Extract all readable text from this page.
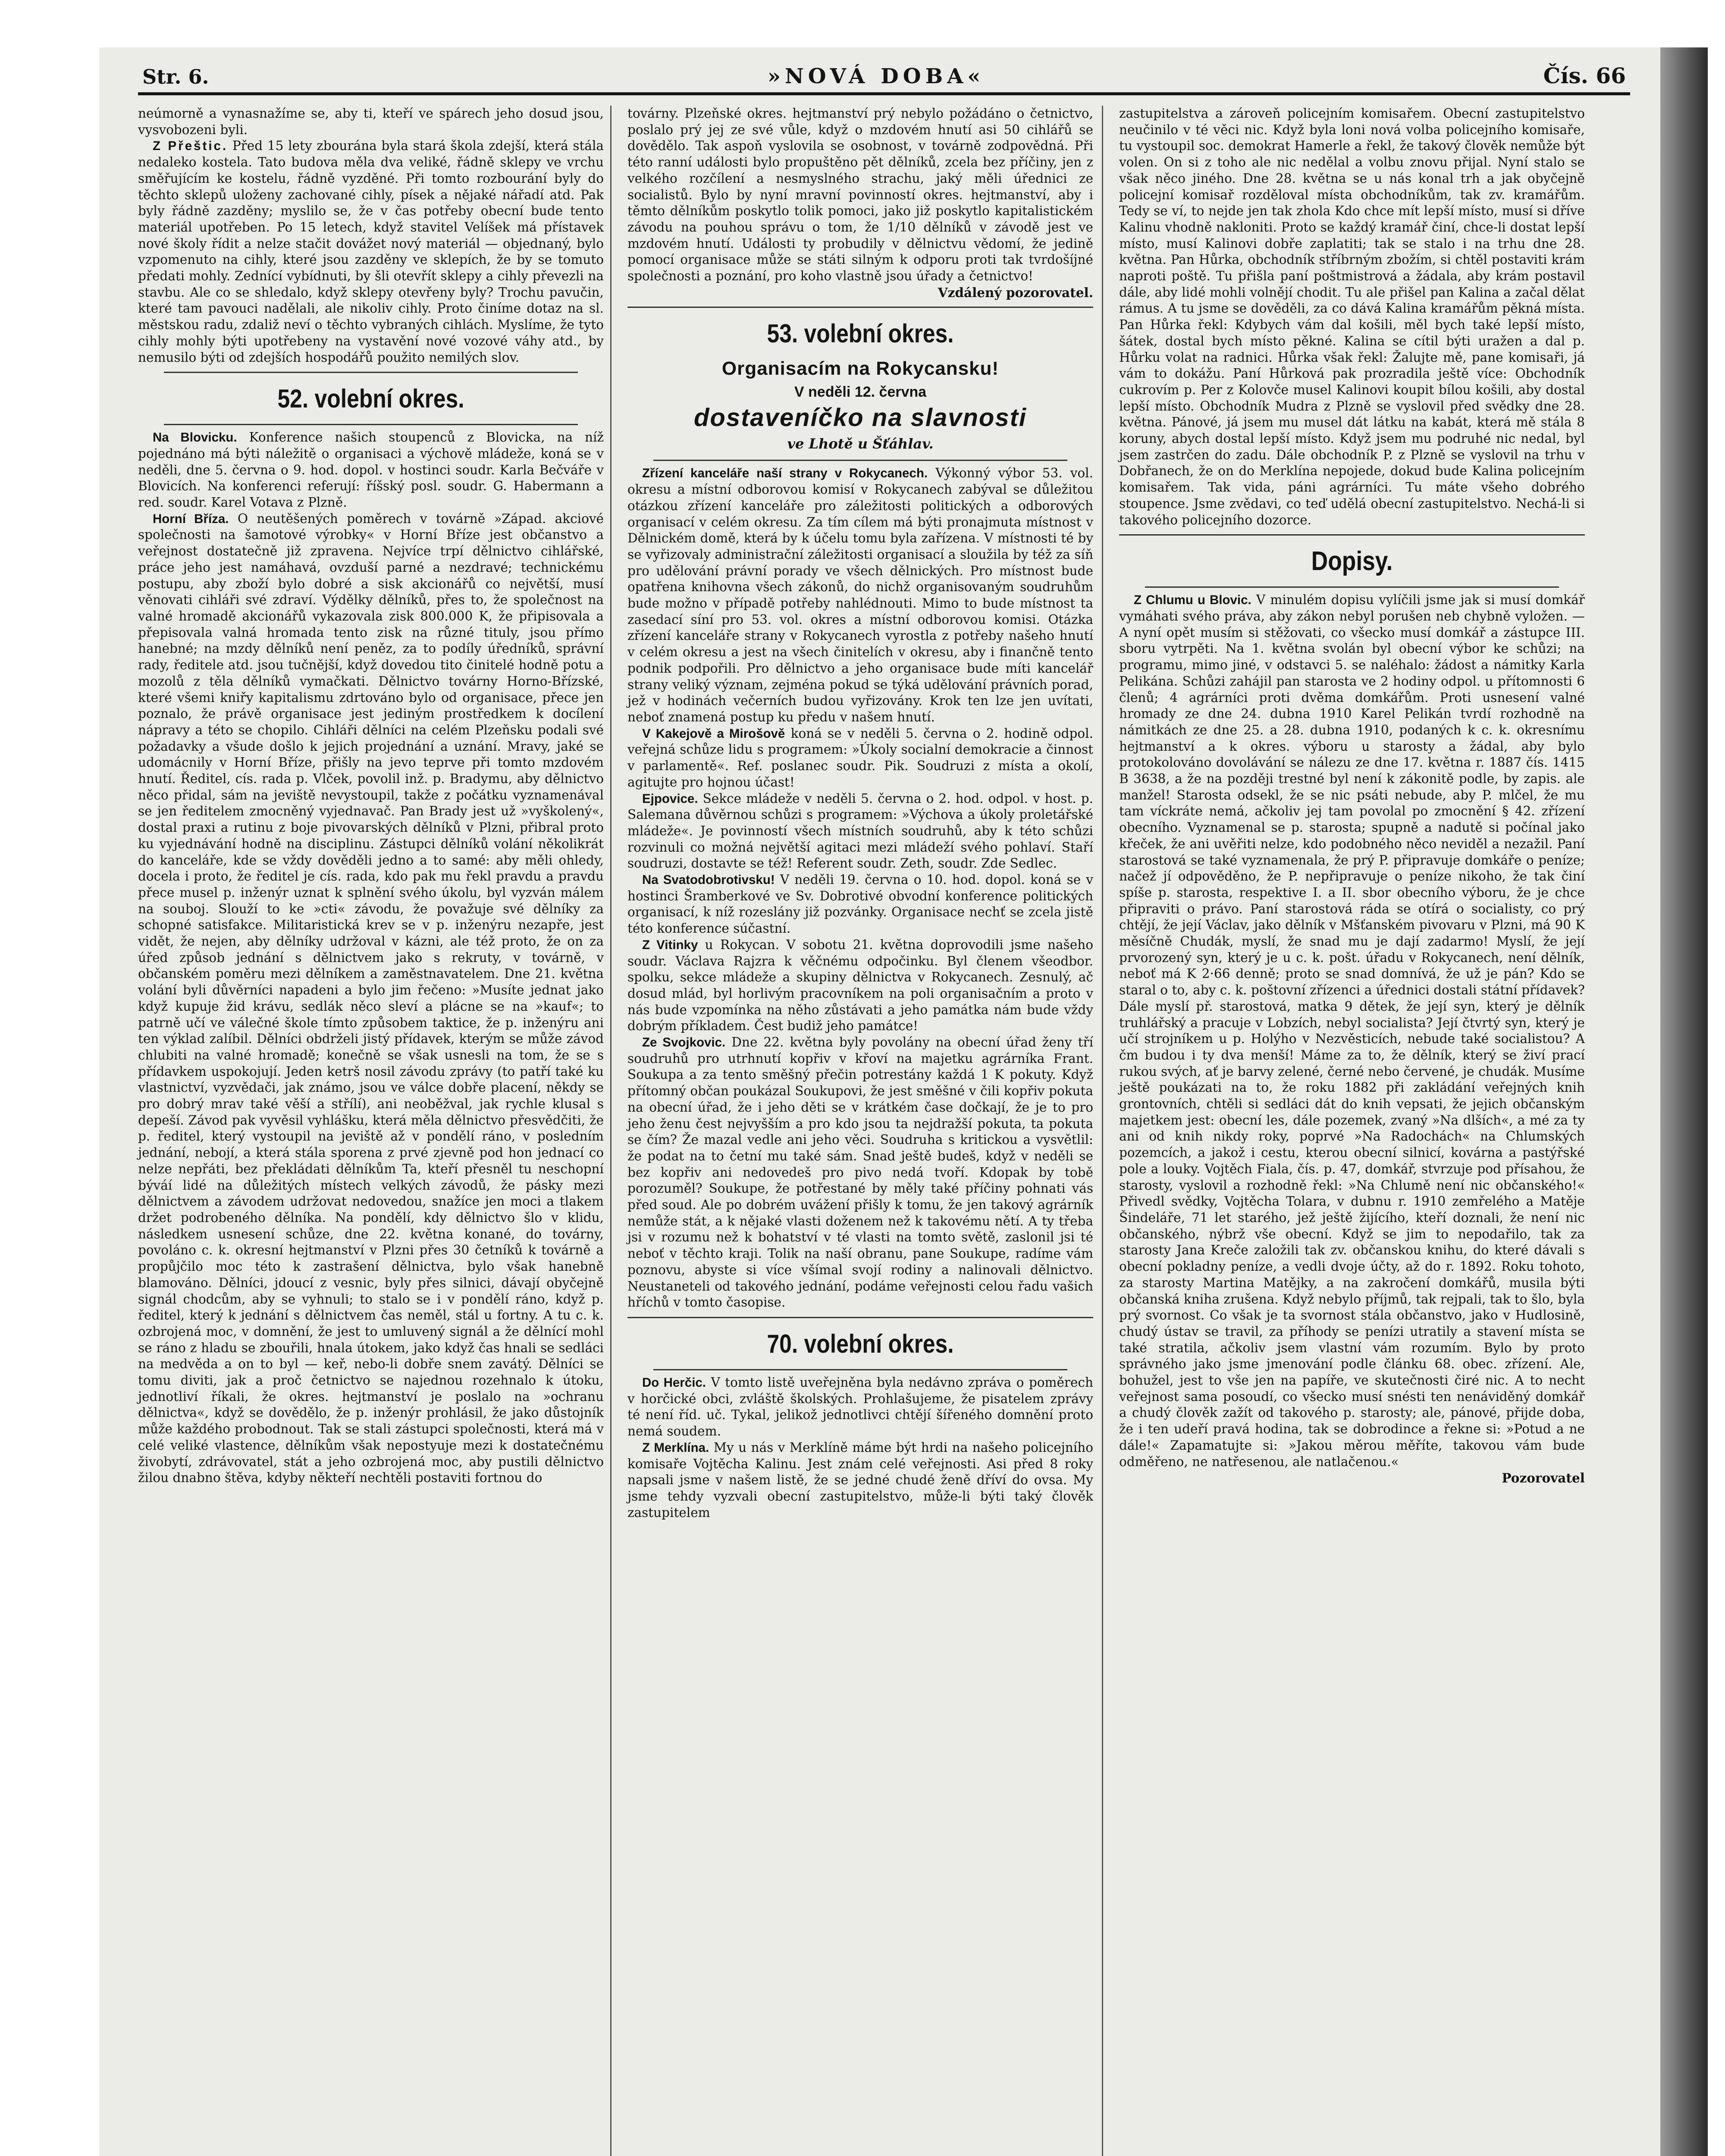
Str. 6.	»NOVÁ DOBA«	Čís. 66

neúmorně a vynasnažíme se, aby ti, kteří ve spárech jeho dosud jsou, vysvobozeni byli.

Z Přeštic. Před 15 lety zbourána byla stará škola zdejší, která stála nedaleko kostela. Tato budova měla dva veliké, řádně sklepy ve vrchu směřujícím ke kostelu, řádně vyzděné. Při tomto rozbourání byly do těchto sklepů uloženy zachované cihly, písek a nějaké nářadí atd. Pak byly řádně zazděny; myslilo se, že v čas potřeby obecní bude tento materiál upotřeben. Po 15 letech, když stavitel Velíšek má přístavek nové školy řídit a nelze stačit dovážet nový materiál — objednaný, bylo vzpomenuto na cihly, které jsou zazděny ve sklepích, že by se tomuto předati mohly. Zednící vybídnuti, by šli otevřít sklepy a cihly převezli na stavbu. Ale co se shledalo, když sklepy otevřeny byly? Trochu pavučin, které tam pavouci nadělali, ale nikoliv cihly. Proto činíme dotaz na sl. městskou radu, zdaliž neví o těchto vybraných cihlách. Myslíme, že tyto cihly mohly býti upotřebeny na vystavění nové vozové váhy atd., by nemusilo býti od zdejších hospodářů použito nemilých slov.

52. volební okres.

Na Blovicku. Konference našich stoupenců z Blovicka, na níž pojednáno má býti náležitě o organisaci a výchově mládeže, koná se v neděli, dne 5. června o 9. hod. dopol. v hostinci soudr. Karla Bečváře v Blovicích. Na konferenci referují: říšský posl. soudr. G. Habermann a red. soudr. Karel Votava z Plzně.

Horní Bříza. O neutěšených poměrech v továrně »Západ. akciové společnosti na šamotové výrobky« v Horní Bříze jest občanstvo a veřejnost dostatečně již zpravena. Nejvíce trpí dělnictvo cihlářské, práce jeho jest namáhavá, ovzduší parné a nezdravé; technickému postupu, aby zboží bylo dobré a sisk akcionářů co největší, musí věnovati cihláři své zdraví. Výdělky dělníků, přes to, že společnost na valné hromadě akcionářů vykazovala zisk 800.000 K, že připisovala a přepisovala valná hromada tento zisk na různé tituly, jsou přímo hanebné; na mzdy dělníků není peněz, za to podíly úředníků, správní rady, ředitele atd. jsou tučnější, když dovedou tito činitelé hodně potu a mozolů z těla dělníků vymačkati. Dělnictvo továrny Horno-Břízské, které všemi kniřy kapitalismu zdrtováno bylo od organisace, přece jen poznalo, že právě organisace jest jediným prostředkem k docílení nápravy a této se chopilo. Cihláři dělníci na celém Plzeňsku podali své požadavky a všude došlo k jejich projednání a uznání. Mravy, jaké se udomácnily v Horní Bříze, přišly na jevo teprve při tomto mzdovém hnutí. Ředitel, cís. rada p. Vlček, povolil inž. p. Bradymu, aby dělnictvo něco přidal, sám na jeviště nevystoupil, takže z počátku vyznamenával se jen ředitelem zmocněný vyjednavač. Pan Brady jest už »vyškolený«, dostal praxi a rutinu z boje pivovarských dělníků v Plzni, přibral proto ku vyjednávání hodně na disciplinu. Zástupci dělníků volání několikrát do kanceláře, kde se vždy dověděli jedno a to samé: aby měli ohledy, docela i proto, že ředitel je cís. rada, kdo pak mu řekl pravdu a pravdu přece musel p. inženýr uznat k splnění svého úkolu, byl vyzván málem na souboj. Slouží to ke »cti« závodu, že považuje své dělníky za schopné satisfakce. Militaristická krev se v p. inženýru nezapře, jest vidět, že nejen, aby dělníky udržoval v kázni, ale též proto, že on za úřed způsob jednání s dělnictvem jako s rekruty, v továrně, v občanském poměru mezi dělníkem a zaměstnavatelem. Dne 21. května volání byli důvěrníci napadeni a bylo jim řečeno: »Musíte jednat jako když kupuje žid krávu, sedlák něco sleví a plácne se na »kauf«; to patrně učí ve válečné škole tímto způsobem taktice, že p. inženýru ani ten výklad zalíbil. Dělníci obdrželi jistý přídavek, kterým se může závod chlubiti na valné hromadě; konečně se však usnesli na tom, že se s přídavkem uspokojují. Jeden ketrš nosil závodu zprávy (to patří také ku vlastnictví, vyzvědači, jak známo, jsou ve válce dobře placení, někdy se pro dobrý mrav také věší a střílí), ani neoběžval, jak rychle klusal s depeší. Závod pak vyvěsil vyhlášku, která měla dělnictvo přesvědčiti, že p. ředitel, který vystoupil na jeviště až v pondělí ráno, v posledním jednání, nebojí, a která stála sporena z prvé zjevně pod hon jednací co nelze nepřáti, bez překládati dělníkům Ta, kteří přesněl tu neschopní býváí lidé na důležitých místech velkých závodů, že pásky mezi dělnictvem a závodem udržovat nedovedou, snažíce jen moci a tlakem držet podrobeného dělníka. Na pondělí, kdy dělnictvo šlo v klidu, následkem usnesení schůze, dne 22. května konané, do továrny, povoláno c. k. okresní hejtmanství v Plzni přes 30 četníků k továrně a propůjčilo moc této k zastrašení dělnictva, bylo však hanebně blamováno. Dělníci, jdoucí z vesnic, byly přes silnici, dávají obyčejně signál chodcům, aby se vyhnuli; to stalo se i v pondělí ráno, když p. ředitel, který k jednání s dělnictvem čas neměl, stál u fortny. A tu c. k. ozbrojená moc, v domnění, že jest to umluvený signál a že dělnící mohl se ráno z hladu se zbouřili, hnala útokem, jako když čas hnali se sedláci na medvěda a on to byl — keř, nebo-li dobře snem zavátý. Dělníci se tomu diviti, jak a proč četnictvo se najednou rozehnalo k útoku, jednotliví říkali, že okres. hejtmanství je poslalo na »ochranu dělnictva«, když se dovědělo, že p. inženýr prohlásil, že jako důstojník může každého probodnout. Tak se stali zástupci společnosti, která má v celé veliké vlastence, dělníkům však nepostyuje mezi k dostatečnému živobytí, zdrávovatel, stát a jeho ozbrojená moc, aby pustili dělnictvo žilou dnabno štěva, kdyby někteří nechtěli postaviti fortnou do

továrny. Plzeňské okres. hejtmanství prý nebylo požádáno o četnictvo, poslalo prý jej ze své vůle, když o mzdovém hnutí asi 50 cihlářů se dovědělo. Tak aspoň vyslovila se osobnost, v továrně zodpovědná. Při této ranní události bylo propuštěno pět dělníků, zcela bez příčiny, jen z velkého rozčílení a nesmyslného strachu, jaký měli úřednici ze socialistů. Bylo by nyní mravní povinností okres. hejtmanství, aby i těmto dělníkům poskytlo tolik pomoci, jako již poskytlo kapitalistickém závodu na pouhou správu o tom, že 1/10 dělníků v závodě jest ve mzdovém hnutí. Události ty probudily v dělnictvu vědomí, že jedině pomocí organisace může se státi silným k odporu proti tak tvrdošíjné společnosti a poznání, pro koho vlastně jsou úřady a četnictvo!

Vzdálený pozorovatel.

53. volební okres.
Organisacím na Rokycansku!
V neděli 12. června
dostaveníčko na slavnosti
ve Lhotě u Šťáhlav.

Zřízení kanceláře naší strany v Rokycanech. Výkonný výbor 53. vol. okresu a místní odborovou komisí v Rokycanech zabýval se důležitou otázkou zřízení kanceláře pro záležitosti politických a odborových organisací v celém okresu. Za tím cílem má býti pronajmuta místnost v Dělnickém domě, která by k účelu tomu byla zařízena. V místnosti té by se vyřizovaly administrační záležitosti organisací a sloužila by též za síň pro udělování právní porady ve všech dělnických. Pro místnost bude opatřena knihovna všech zákonů, do nichž organisovaným soudruhům bude možno v případě potřeby nahlédnouti. Mimo to bude místnost ta zasedací síní pro 53. vol. okres a místní odborovou komisi. Otázka zřízení kanceláře strany v Rokycanech vyrostla z potřeby našeho hnutí v celém okresu a jest na všech činitelích v okresu, aby i finančně tento podnik podpořili. Pro dělnictvo a jeho organisace bude míti kancelář strany veliký význam, zejména pokud se týká udělování právních porad, jež v hodinách večerních budou vyřizovány. Krok ten lze jen uvítati, neboť znamená postup ku předu v našem hnutí.

V Kakejově a Mirošově koná se v neděli 5. června o 2. hodině odpol. veřejná schůze lidu s programem: »Úkoly socialní demokracie a činnost v parlamentě«. Ref. poslanec soudr. Pik. Soudruzi z místa a okolí, agitujte pro hojnou účast!

Ejpovice. Sekce mládeže v neděli 5. června o 2. hod. odpol. v host. p. Salemana důvěrnou schůzi s programem: »Výchova a úkoly proletářské mládeže«. Je povinností všech místních soudruhů, aby k této schůzi rozvinuli co možná největší agitaci mezi mládeží svého pohlaví. Staří soudruzi, dostavte se též! Referent soudr. Zeth, soudr. Zde Sedlec.

Na Svatodobrotivsku! V neděli 19. června o 10. hod. dopol. koná se v hostinci Šramberkové ve Sv. Dobrotivé obvodní konference politických organisací, k níž rozeslány již pozvánky. Organisace nechť se zcela jistě této konference súčastní.

Z Vitinky u Rokycan. V sobotu 21. května doprovodili jsme našeho soudr. Václava Rajzra k věčnému odpočinku. Byl členem všeodbor. spolku, sekce mládeže a skupiny dělnictva v Rokycanech. Zesnulý, ač dosud mlád, byl horlivým pracovníkem na poli organisačním a proto v nás bude vzpomínka na něho zůstávati a jeho památka nám bude vždy dobrým příkladem. Čest budiž jeho památce!

Ze Svojkovic. Dne 22. května byly povolány na obecní úřad ženy tří soudruhů pro utrhnutí kopřiv v křoví na majetku agrárníka Frant. Soukupa a za tento směšný přečin potrestány každá 1 K pokuty. Když přítomný občan poukázal Soukupovi, že jest směšné v čili kopřiv pokuta na obecní úřad, že i jeho děti se v krátkém čase dočkají, že je to pro jeho ženu čest nejvyšším a pro kdo jsou ta nejdražší pokuta, ta pokuta se čím? Že mazal vedle ani jeho věci. Soudruha s kritickou a vysvětlil: že podat na to četní mu také sám. Snad ještě budeš, když v neděli se bez kopřiv ani nedovedeš pro pivo nedá tvoří. Kdopak by tobě porozuměl? Soukupe, že potřestané by měly také příčiny pohnati vás před soud. Ale po dobrém uvážení přišly k tomu, že jen takový agrárník nemůže stát, a k nějaké vlasti doženem než k takovému nětí. A ty třeba jsi v rozumu než k bohatství v té vlasti na tomto světě, zaslonil jsi té neboť v těchto kraji. Tolik na naší obranu, pane Soukupe, radíme vám poznovu, abyste si více všímal svojí rodiny a nalinovali dělnictvo. Neustaneteli od takového jednání, podáme veřejnosti celou řadu vašich hříchů v tomto časopise.

70. volební okres.

Do Herčic. V tomto listě uveřejněna byla nedávno zpráva o poměrech v horčické obci, zvláště školských. Prohlašujeme, že pisatelem zprávy té není říd. uč. Tykal, jelikož jednotlivci chtějí šířeného domnění proto nemá soudem.

Z Merklína. My u nás v Merklíně máme být hrdi na našeho policejního komisaře Vojtěcha Kalinu. Jest znám celé veřejnosti. Asi před 8 roky napsali jsme v našem listě, že se jedné chudé ženě dříví do ovsa. My jsme tehdy vyzvali obecní zastupitelstvo, může-li býti taký člověk zastupitelem

zastupitelstva a zároveň policejním komisařem. Obecní zastupitelstvo neučinilo v té věci nic. Když byla loni nová volba policejního komisaře, tu vystoupil soc. demokrat Hamerle a řekl, že takový člověk nemůže být volen. On si z toho ale nic nedělal a volbu znovu přijal. Nyní stalo se však něco jiného. Dne 28. května se u nás konal trh a jak obyčejně policejní komisař rozděloval místa obchodníkům, tak zv. kramářům. Tedy se ví, to nejde jen tak zhola Kdo chce mít lepší místo, musí si dříve Kalinu vhodně nakloniti. Proto se každý kramář činí, chce-li dostat lepší místo, musí Kalinovi dobře zaplatiti; tak se stalo i na trhu dne 28. května. Pan Hůrka, obchodník stříbrným zbožím, si chtěl postaviti krám naproti poště. Tu přišla paní poštmistrová a žádala, aby krám postavil dále, aby lidé mohli volnějí chodit. Tu ale přišel pan Kalina a začal dělat rámus. A tu jsme se dověděli, za co dává Kalina kramářům pěkná místa. Pan Hůrka řekl: Kdybych vám dal košili, měl bych také lepší místo, šátek, dostal bych místo pěkné. Kalina se cítil býti uražen a dal p. Hůrku volat na radnici. Hůrka však řekl: Žalujte mě, pane komisaři, já vám to dokážu. Paní Hůrková pak prozradila ještě více: Obchodník cukrovím p. Per z Kolovče musel Kalinovi koupit bílou košili, aby dostal lepší místo. Obchodník Mudra z Plzně se vyslovil před svědky dne 28. května. Pánové, já jsem mu musel dát látku na kabát, která mě stála 8 koruny, abych dostal lepší místo. Když jsem mu podruhé nic nedal, byl jsem zastrčen do zadu. Dále obchodník P. z Plzně se vyslovil na trhu v Dobřanech, že on do Merklína nepojede, dokud bude Kalina policejním komisařem. Tak vida, páni agrárníci. Tu máte všeho dobrého stoupence. Jsme zvědavi, co teď udělá obecní zastupitelstvo. Nechá-li si takového policejního dozorce.

Dopisy.

Z Chlumu u Blovic. V minulém dopisu vylíčili jsme jak si musí domkář vymáhati svého práva, aby zákon nebyl porušen neb chybně vyložen. — A nyní opět musím si stěžovati, co všecko musí domkář a zástupce III. sboru vytrpěti. Na 1. května svolán byl obecní výbor ke schůzi; na programu, mimo jiné, v odstavci 5. se naléhalo: žádost a námitky Karla Pelikána. Schůzi zahájil pan starosta ve 2 hodiny odpol. u přítomnosti 6 členů; 4 agrárníci proti dvěma domkářům. Proti usnesení valné hromady ze dne 24. dubna 1910 Karel Pelikán tvrdí rozhodně na námitkách ze dne 25. a 28. dubna 1910, podaných k c. k. okresnímu hejtmanství a k okres. výboru u starosty a žádal, aby bylo protokolováno dovolávání se nálezu ze dne 17. května r. 1887 čís. 1415 B 3638, a že na později trestné byl není k zákonitě podle, by zapis. ale manžel! Starosta odsekl, že se nic psáti nebude, aby P. mlčel, že mu tam víckráte nemá, ačkoliv jej tam povolal po zmocnění § 42. zřízení obecního. Vyznamenal se p. starosta; spupně a nadutě si počínal jako křeček, že ani uvěřiti nelze, kdo podobného něco neviděl a nezažil. Paní starostová se také vyznamenala, že prý P. připravuje domkáře o peníze; načež jí odpověděno, že P. nepřipravuje o peníze nikoho, že tak činí spíše p. starosta, respektive I. a II. sbor obecního výboru, že je chce připraviti o právo. Paní starostová ráda se otírá o socialisty, co prý chtějí, že její Václav, jako dělník v Mšťanském pivovaru v Plzni, má 90 K měsíčně Chudák, myslí, že snad mu je dají zadarmo! Myslí, že její prvorozený syn, který je u c. k. pošt. úřadu v Rokycanech, není dělník, neboť má K 2·66 denně; proto se snad domnívá, že už je pán? Kdo se staral o to, aby c. k. poštovní zřízenci a úřednici dostali státní přídavek? Dále myslí př. starostová, matka 9 dětek, že její syn, který je dělník truhlářský a pracuje v Lobzích, nebyl socialista? Její čtvrtý syn, který je učí strojníkem u p. Holýho v Nezvěsticích, nebude také socialistou? A čm budou i ty dva menší! Máme za to, že dělník, který se živí prací rukou svých, ať je barvy zelené, černé nebo červené, je chudák. Musíme ještě poukázati na to, že roku 1882 při zakládání veřejných knih grontovních, chtěli si sedláci dát do knih vepsati, že jejich občanským majetkem jest: obecní les, dále pozemek, zvaný »Na dlších«, a mé za ty ani od knih nikdy roky, poprvé »Na Radochách« na Chlumských pozemcích, a jakož i cestu, kterou obecní silnicí, kovárna a pastýřské pole a louky. Vojtěch Fiala, čís. p. 47, domkář, stvrzuje pod přísahou, že starosty, vyslovil a rozhodně řekl: »Na Chlumě není nic občanského!« Přivedl svědky, Vojtěcha Tolara, v dubnu r. 1910 zemřelého a Matěje Šindeláře, 71 let starého, jež ještě žijícího, kteří doznali, že není nic občanského, nýbrž vše obecní. Když se jim to nepodařilo, tak za starosty Jana Kreče založili tak zv. občanskou knihu, do které dávali s obecní pokladny peníze, a vedli dvoje účty, až do r. 1892. Roku tohoto, za starosty Martina Matějky, a na zakročení domkářů, musila býti občanská kniha zrušena. Když nebylo příjmů, tak rejpali, tak to šlo, byla prý svornost. Co však je ta svornost stála občanstvo, jako v Hudlosině, chudý ústav se travil, za příhody se penízi utratily a stavení místa se také stratila, ačkoliv jsem vlastní vám rozumím. Bylo by proto správného jako jsme jmenování podle článku 68. obec. zřízení. Ale, bohužel, jest to vše jen na papíře, ve skutečnosti čiré nic. A to necht veřejnost sama posoudí, co všecko musí snésti ten nenáviděný domkář a chudý člověk zažít od takového p. starosty; ale, pánové, přijde doba, že i ten udeří pravá hodina, tak se dobrodince a řekne si: »Potud a ne dále!« Zapamatujte si: »Jakou měrou měříte, takovou vám bude odměřeno, ne natřesenou, ale natlačenou.«

Pozorovatel
